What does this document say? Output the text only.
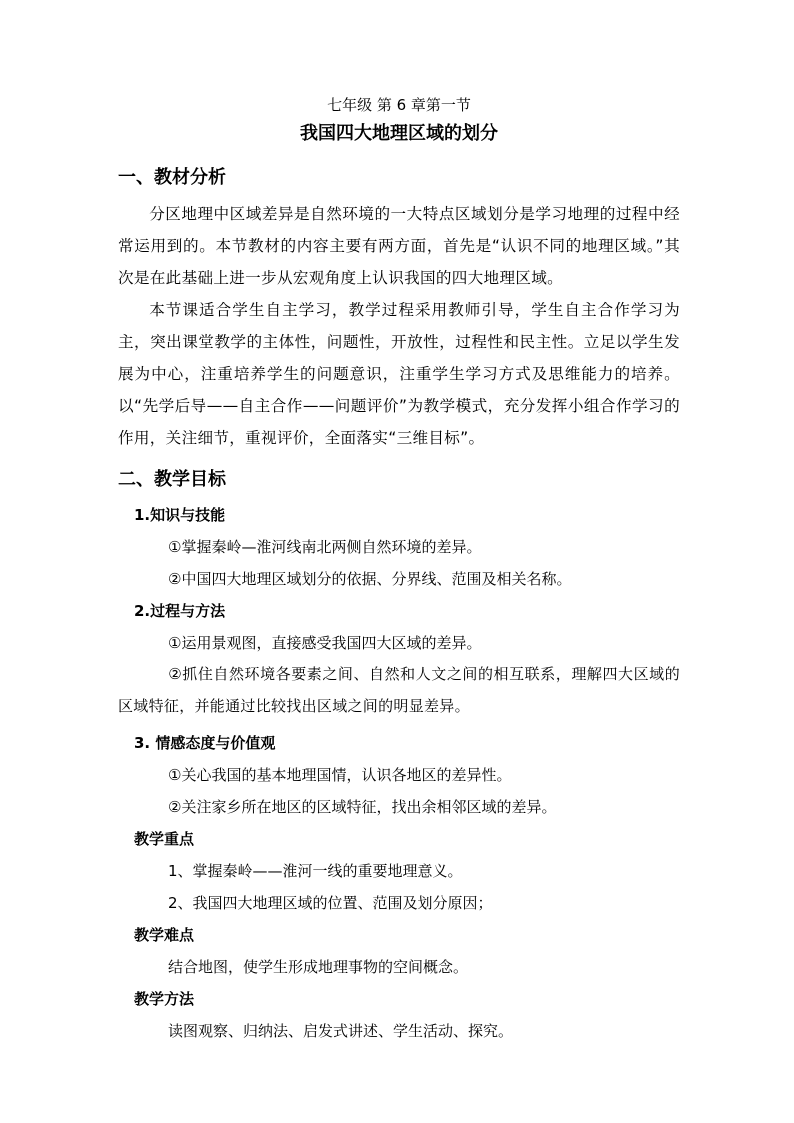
七年级 第 6 章第一节
我国四大地理区域的划分
一、教材分析

分区地理中区域差异是自然环境的一大特点区域划分是学习地理的过程中经常运用到的。本节教材的内容主要有两方面，首先是“认识不同的地理区域。”其次是在此基础上进一步从宏观角度上认识我国的四大地理区域。

本节课适合学生自主学习，教学过程采用教师引导，学生自主合作学习为主，突出课堂教学的主体性，问题性，开放性，过程性和民主性。立足以学生发展为中心，注重培养学生的问题意识，注重学生学习方式及思维能力的培养。以“先学后导——自主合作——问题评价”为教学模式，充分发挥小组合作学习的作用，关注细节，重视评价，全面落实“三维目标”。

二、教学目标
1.知识与技能
①掌握秦岭—淮河线南北两侧自然环境的差异。
②中国四大地理区域划分的依据、分界线、范围及相关名称。
2.过程与方法
①运用景观图，直接感受我国四大区域的差异。

②抓住自然环境各要素之间、自然和人文之间的相互联系，理解四大区域的区域特征，并能通过比较找出区域之间的明显差异。

3. 情感态度与价值观
①关心我国的基本地理国情，认识各地区的差异性。
②关注家乡所在地区的区域特征，找出余相邻区域的差异。
教学重点
1、掌握秦岭——淮河一线的重要地理意义。
2、我国四大地理区域的位置、范围及划分原因；
教学难点
结合地图，使学生形成地理事物的空间概念。
教学方法
读图观察、归纳法、启发式讲述、学生活动、探究。
